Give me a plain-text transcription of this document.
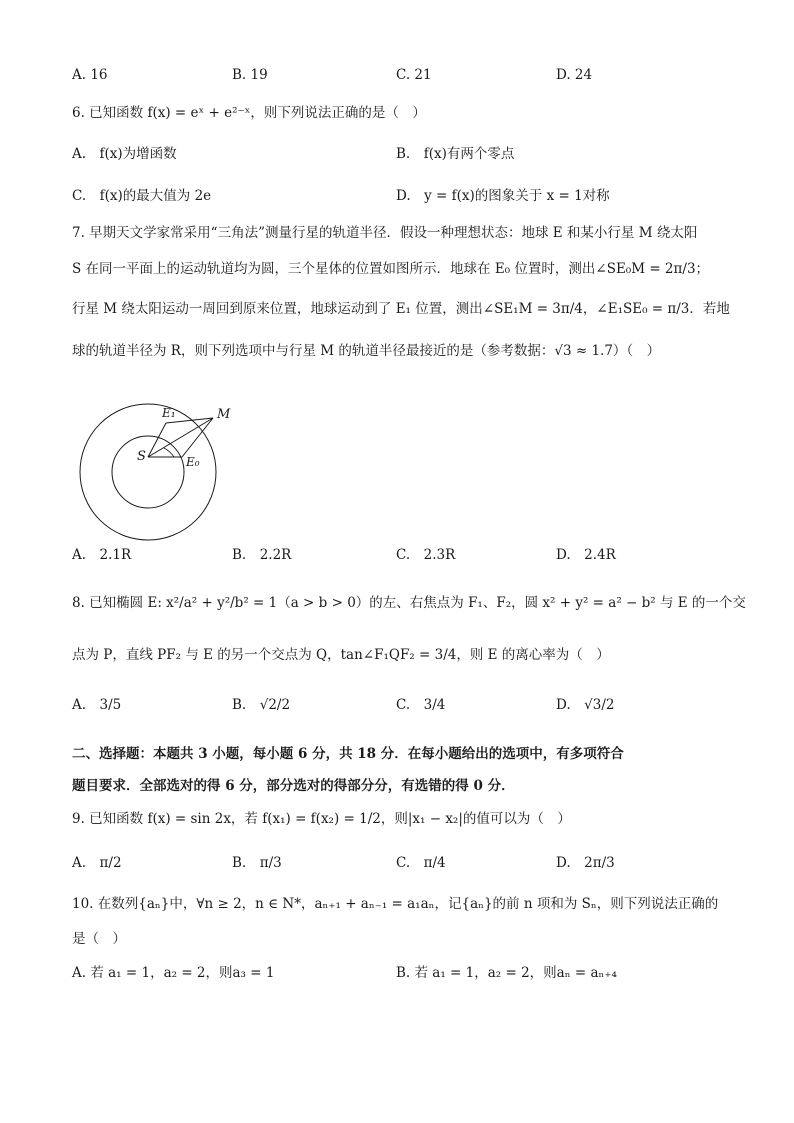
A. 16	B. 19	C. 21	D. 24
6. 已知函数 f(x) = eˣ + e²⁻ˣ，则下列说法正确的是（　）
A.　f(x)为增函数	B.　f(x)有两个零点
C.　f(x)的最大值为 2e	D.　y = f(x)的图象关于 x = 1对称
7. 早期天文学家常采用“三角法”测量行星的轨道半径．假设一种理想状态：地球 E 和某小行星 M 绕太阳
S 在同一平面上的运动轨道均为圆，三个星体的位置如图所示．地球在 E₀ 位置时，测出∠SE₀M = 2π/3；
行星 M 绕太阳运动一周回到原来位置，地球运动到了 E₁ 位置，测出∠SE₁M = 3π/4，∠E₁SE₀ = π/3．若地
球的轨道半径为 R，则下列选项中与行星 M 的轨道半径最接近的是（参考数据：√3 ≈ 1.7）（　）
S	E₀
E₁	M
A.　2.1R	B.　2.2R	C.　2.3R	D.　2.4R
8. 已知椭圆 E: x²/a² + y²/b² = 1（a > b > 0）的左、右焦点为 F₁、F₂，圆 x² + y² = a² − b² 与 E 的一个交
点为 P，直线 PF₂ 与 E 的另一个交点为 Q，tan∠F₁QF₂ = 3/4，则 E 的离心率为（　）
A.　3/5	B.　√2/2	C.　3/4	D.　√3/2
二、选择题：本题共 3 小题，每小题 6 分，共 18 分．在每小题给出的选项中，有多项符合
题目要求．全部选对的得 6 分，部分选对的得部分分，有选错的得 0 分．
9. 已知函数 f(x) = sin 2x，若 f(x₁) = f(x₂) = 1/2，则|x₁ − x₂|的值可以为（　）
A.　π/2	B.　π/3	C.　π/4	D.　2π/3
10. 在数列{aₙ}中，∀n ≥ 2，n ∈ N*，aₙ₊₁ + aₙ₋₁ = a₁aₙ，记{aₙ}的前 n 项和为 Sₙ，则下列说法正确的
是（　）
A. 若 a₁ = 1，a₂ = 2，则a₃ = 1	B. 若 a₁ = 1，a₂ = 2，则aₙ = aₙ₊₄
